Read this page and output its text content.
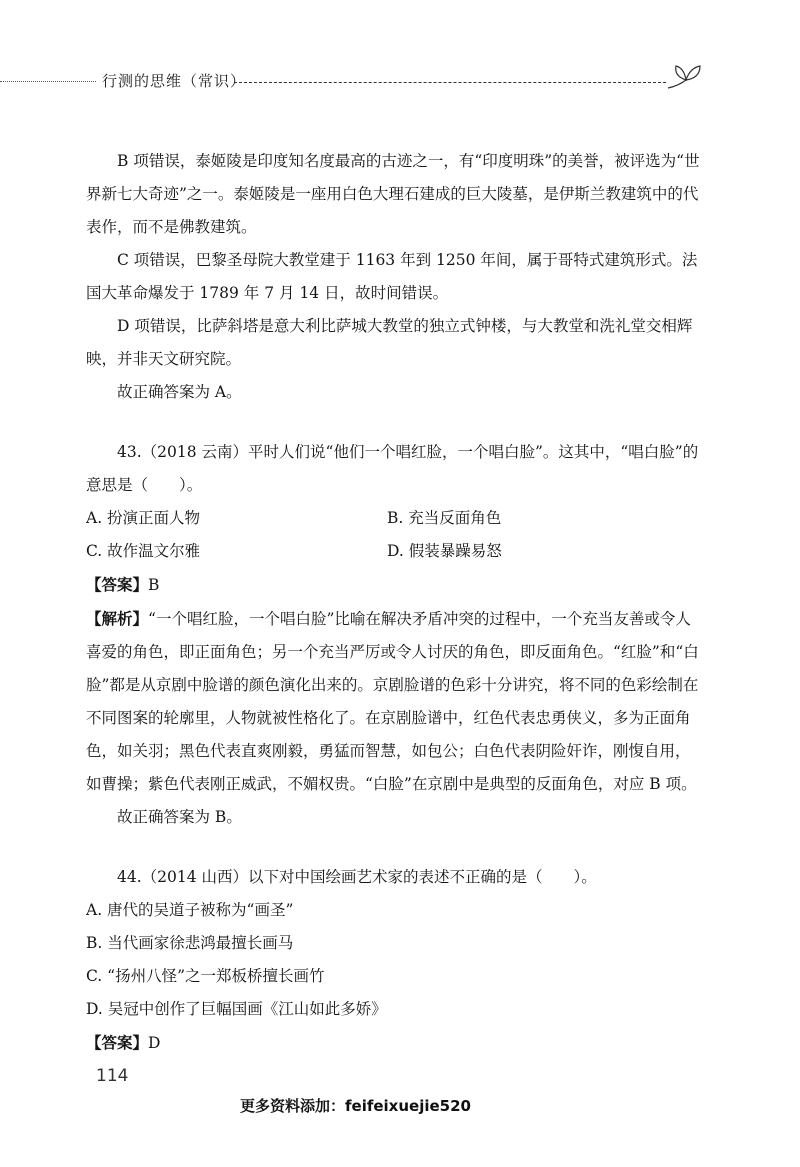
行测的思维（常识）

B 项错误，泰姬陵是印度知名度最高的古迹之一，有“印度明珠”的美誉，被评选为“世界新七大奇迹”之一。泰姬陵是一座用白色大理石建成的巨大陵墓，是伊斯兰教建筑中的代表作，而不是佛教建筑。

C 项错误，巴黎圣母院大教堂建于 1163 年到 1250 年间，属于哥特式建筑形式。法国大革命爆发于 1789 年 7 月 14 日，故时间错误。

D 项错误，比萨斜塔是意大利比萨城大教堂的独立式钟楼，与大教堂和洗礼堂交相辉映，并非天文研究院。

故正确答案为 A。

43.（2018 云南）平时人们说“他们一个唱红脸，一个唱白脸”。这其中，“唱白脸”的意思是（　　）。

A. 扮演正面人物	B. 充当反面角色
C. 故作温文尔雅	D. 假装暴躁易怒

【答案】B

【解析】“一个唱红脸，一个唱白脸”比喻在解决矛盾冲突的过程中，一个充当友善或令人喜爱的角色，即正面角色；另一个充当严厉或令人讨厌的角色，即反面角色。“红脸”和“白脸”都是从京剧中脸谱的颜色演化出来的。京剧脸谱的色彩十分讲究，将不同的色彩绘制在不同图案的轮廓里，人物就被性格化了。在京剧脸谱中，红色代表忠勇侠义，多为正面角色，如关羽；黑色代表直爽刚毅，勇猛而智慧，如包公；白色代表阴险奸诈，刚愎自用，如曹操；紫色代表刚正威武，不媚权贵。“白脸”在京剧中是典型的反面角色，对应 B 项。

故正确答案为 B。

44.（2014 山西）以下对中国绘画艺术家的表述不正确的是（　　）。

A. 唐代的吴道子被称为“画圣”

B. 当代画家徐悲鸿最擅长画马

C. “扬州八怪”之一郑板桥擅长画竹

D. 吴冠中创作了巨幅国画《江山如此多娇》

【答案】D

114
更多资料添加：feifeixuejie520
